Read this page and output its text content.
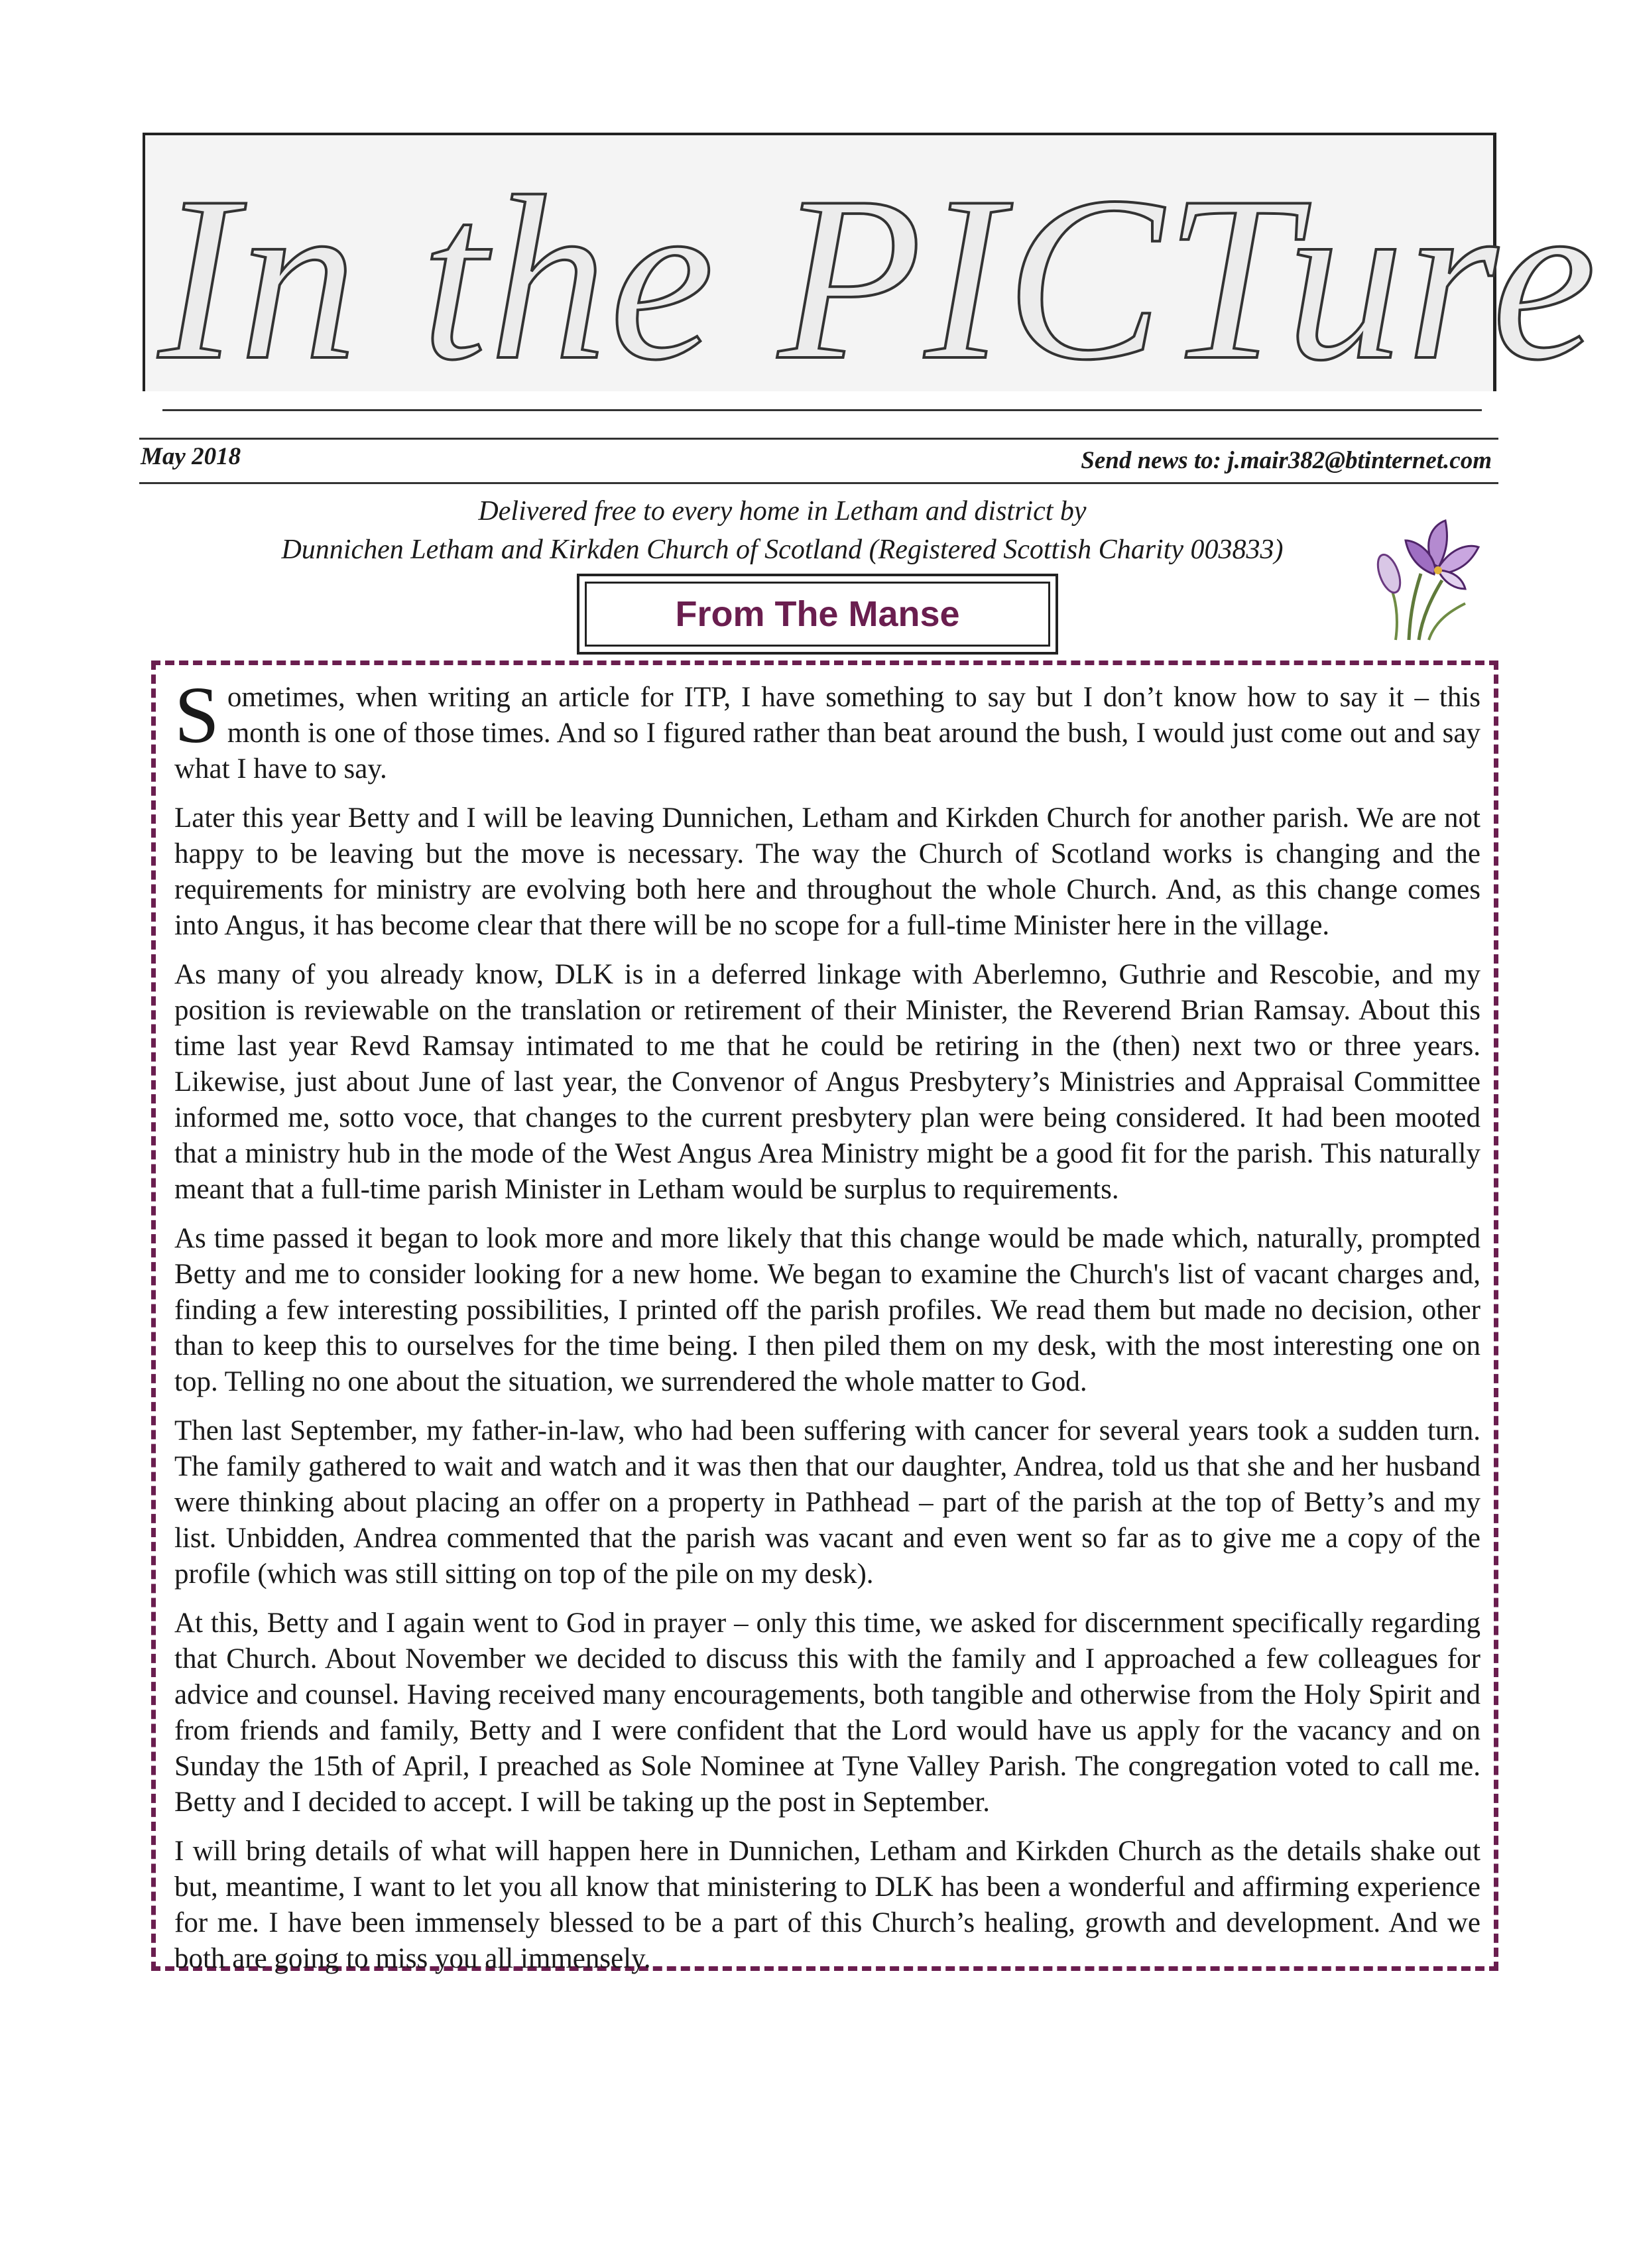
In the PICTure
May 2018	Send news to: j.mair382@btinternet.com
Delivered free to every home in Letham and district by
Dunnichen Letham and Kirkden Church of Scotland (Registered Scottish Charity 003833)
From The Manse

Sometimes, when writing an article for ITP, I have something to say but I don’t know how to say it – this month is one of those times. And so I figured rather than beat around the bush, I would just come out and say what I have to say.

Later this year Betty and I will be leaving Dunnichen, Letham and Kirkden Church for another parish. We are not happy to be leaving but the move is necessary. The way the Church of Scotland works is changing and the requirements for ministry are evolving both here and throughout the whole Church. And, as this change comes into Angus, it has become clear that there will be no scope for a full-time Minister here in the village.

As many of you already know, DLK is in a deferred linkage with Aberlemno, Guthrie and Rescobie, and my position is reviewable on the translation or retirement of their Minister, the Reverend Brian Ramsay. About this time last year Revd Ramsay intimated to me that he could be retiring in the (then) next two or three years. Likewise, just about June of last year, the Convenor of Angus Presbytery’s Ministries and Appraisal Committee informed me, sotto voce, that changes to the current presbytery plan were being considered. It had been mooted that a ministry hub in the mode of the West Angus Area Ministry might be a good fit for the parish. This naturally meant that a full-time parish Minister in Letham would be surplus to requirements.

As time passed it began to look more and more likely that this change would be made which, naturally, prompted Betty and me to consider looking for a new home. We began to examine the Church's list of vacant charges and, finding a few interesting possibilities, I printed off the parish profiles. We read them but made no decision, other than to keep this to ourselves for the time being. I then piled them on my desk, with the most interesting one on top. Telling no one about the situation, we surrendered the whole matter to God.

Then last September, my father-in-law, who had been suffering with cancer for several years took a sudden turn. The family gathered to wait and watch and it was then that our daughter, Andrea, told us that she and her husband were thinking about placing an offer on a property in Pathhead – part of the parish at the top of Betty’s and my list. Unbidden, Andrea commented that the parish was vacant and even went so far as to give me a copy of the profile (which was still sitting on top of the pile on my desk).

At this, Betty and I again went to God in prayer – only this time, we asked for discernment specifically regarding that Church. About November we decided to discuss this with the family and I approached a few colleagues for advice and counsel. Having received many encouragements, both tangible and otherwise from the Holy Spirit and from friends and family, Betty and I were confident that the Lord would have us apply for the vacancy and on Sunday the 15th of April, I preached as Sole Nominee at Tyne Valley Parish. The congregation voted to call me. Betty and I decided to accept. I will be taking up the post in September.

I will bring details of what will happen here in Dunnichen, Letham and Kirkden Church as the details shake out but, meantime, I want to let you all know that ministering to DLK has been a wonderful and affirming experience for me. I have been immensely blessed to be a part of this Church’s healing, growth and development. And we both are going to miss you all immensely.
